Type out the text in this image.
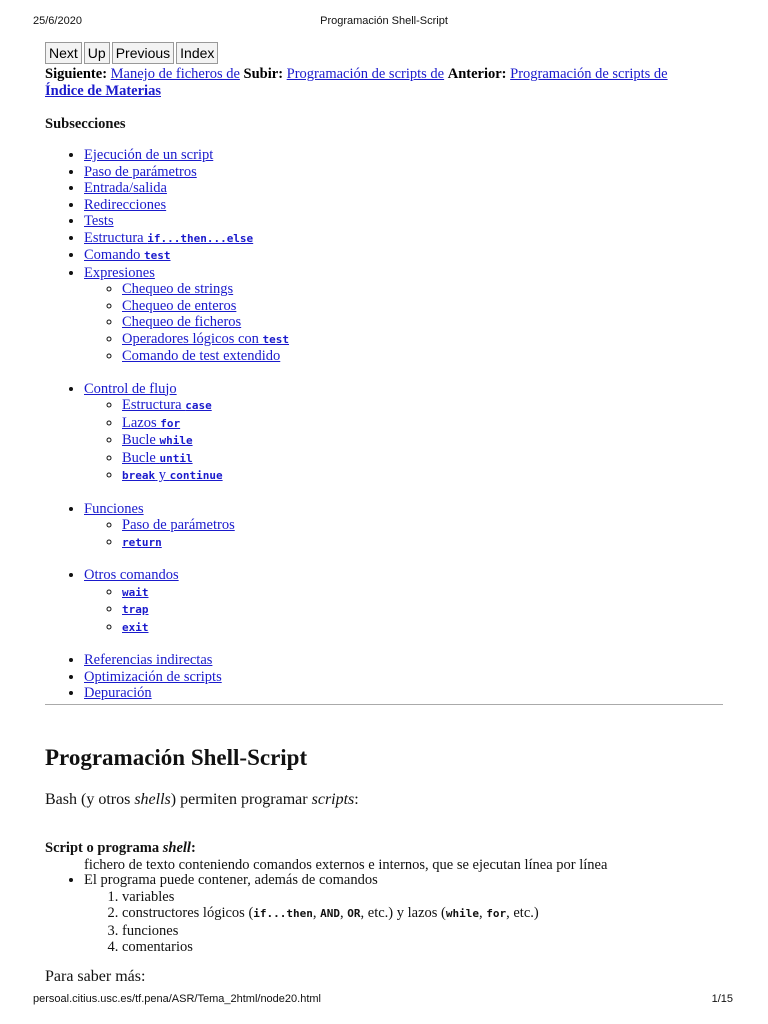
25/6/2020	Programación Shell-Script
Next Up Previous Index
Siguiente: Manejo de ficheros de Subir: Programación de scripts de Anterior: Programación de scripts de
Índice de Materias
Subsecciones
• Ejecución de un script
• Paso de parámetros
• Entrada/salida
• Redirecciones
• Tests
• Estructura if...then...else
• Comando test
• Expresiones
◦ Chequeo de strings
◦ Chequeo de enteros
◦ Chequeo de ficheros
◦ Operadores lógicos con test
◦ Comando de test extendido
• Control de flujo
◦ Estructura case
◦ Lazos for
◦ Bucle while
◦ Bucle until
◦ break y continue
• Funciones
◦ Paso de parámetros
◦ return
• Otros comandos
◦ wait
◦ trap
◦ exit
• Referencias indirectas
• Optimización de scripts
• Depuración
Programación Shell-Script

Bash (y otros shells) permiten programar scripts:

Script o programa shell:
fichero de texto conteniendo comandos externos e internos, que se ejecutan línea por línea
• El programa puede contener, además de comandos
1. variables
2. constructores lógicos (if...then, AND, OR, etc.) y lazos (while, for, etc.)
3. funciones
4. comentarios

Para saber más:

persoal.citius.usc.es/tf.pena/ASR/Tema_2html/node20.html	1/15
